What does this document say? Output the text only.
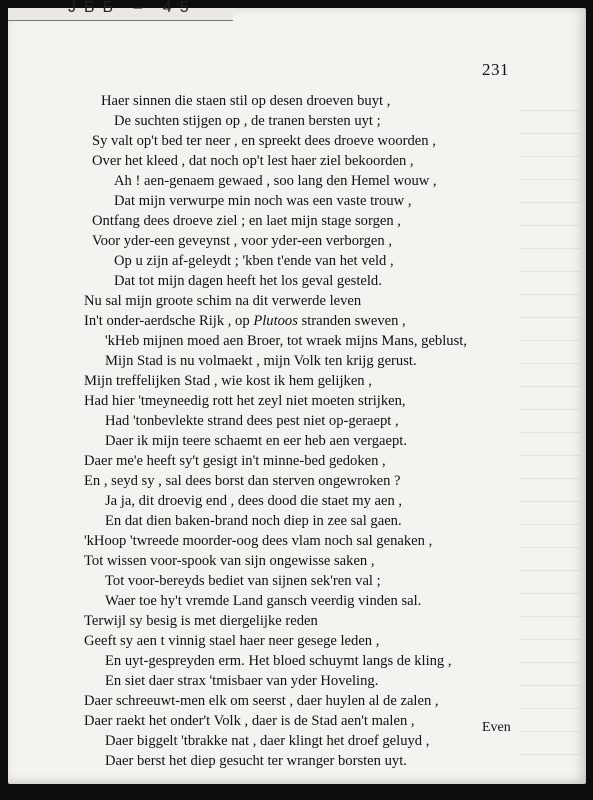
ЈББ – 45
231
Haer sinnen die staen stil op desen droeven buyt ,
De suchten stijgen op , de tranen bersten uyt ;
Sy valt op't bed ter neer , en spreekt dees droeve woorden ,
Over het kleed , dat noch op't lest haer ziel bekoorden ,
Ah ! aen-genaem gewaed , soo lang den Hemel wouw ,
Dat mijn verwurpe min noch was een vaste trouw ,
Ontfang dees droeve ziel ; en laet mijn stage sorgen ,
Voor yder-een geveynst , voor yder-een verborgen ,
Op u zijn af-geleydt ; 'kben t'ende van het veld ,
Dat tot mijn dagen heeft het los geval gesteld.
Nu sal mijn groote schim na dit verwerde leven
In't onder-aerdsche Rijk , op Plutoos stranden sweven ,
'kHeb mijnen moed aen Broer, tot wraek mijns Mans, geblust,
Mijn Stad is nu volmaekt , mijn Volk ten krijg gerust.
Mijn treffelijken Stad , wie kost ik hem gelijken ,
Had hier 'tmeyneedig rott het zeyl niet moeten strijken,
Had 'tonbevlekte strand dees pest niet op-geraept ,
Daer ik mijn teere schaemt en eer heb aen vergaept.
Daer me'e heeft sy't gesigt in't minne-bed gedoken ,
En , seyd sy , sal dees borst dan sterven ongewroken ?
Ja ja, dit droevig end , dees dood die staet my aen ,
En dat dien baken-brand noch diep in zee sal gaen.
'kHoop 'twreede moorder-oog dees vlam noch sal genaken ,
Tot wissen voor-spook van sijn ongewisse saken ,
Tot voor-bereyds bediet van sijnen sek'ren val ;
Waer toe hy't vremde Land gansch veerdig vinden sal.
Terwijl sy besig is met diergelijke reden
Geeft sy aen t vinnig stael haer neer gesege leden ,
En uyt-gespreyden erm. Het bloed schuymt langs de kling ,
En siet daer strax 'tmisbaer van yder Hoveling.
Daer schreeuwt-men elk om seerst , daer huylen al de zalen ,
Daer raekt het onder't Volk , daer is de Stad aen't malen ,
Daer biggelt 'tbrakke nat , daer klingt het droef geluyd ,
Daer berst het diep gesucht ter wranger borsten uyt.
Even
